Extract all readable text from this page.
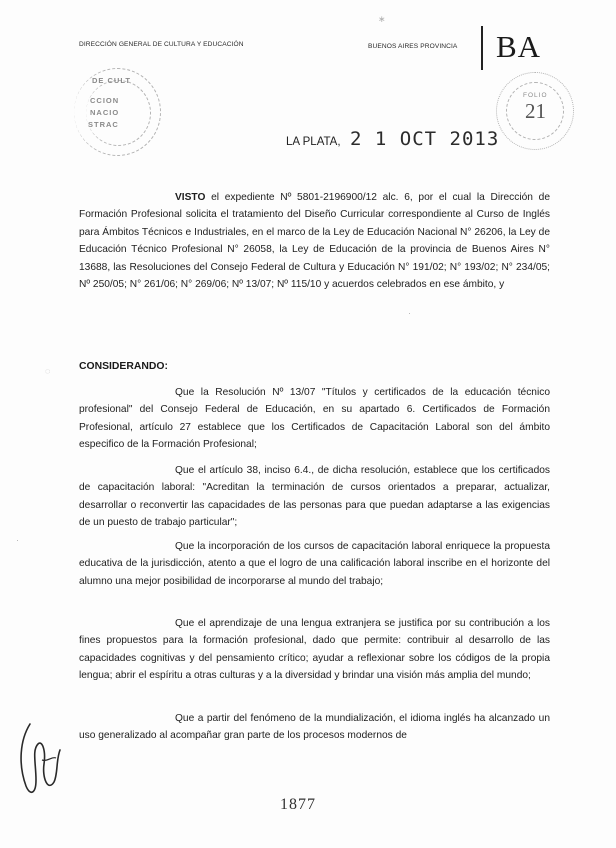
DIRECCIÓN GENERAL DE CULTURA Y EDUCACIÓN	BUENOS AIRES PROVINCIA BA
DE CULT
CCION
NACIO
STRAC
FOLIO
21
LA PLATA, 2 1 OCT 2013
VISTO el expediente Nº 5801-2196900/12 alc. 6, por el cual la Dirección de Formación Profesional solicita el tratamiento del Diseño Curricular correspondiente al Curso de Inglés para Ámbitos Técnicos e Industriales, en el marco de la Ley de Educación Nacional N° 26206, la Ley de Educación Técnico Profesional N° 26058, la Ley de Educación de la provincia de Buenos Aires N° 13688, las Resoluciones del Consejo Federal de Cultura y Educación N° 191/02; N° 193/02; N° 234/05; Nº 250/05; N° 261/06; N° 269/06; Nº 13/07; Nº 115/10 y acuerdos celebrados en ese ámbito, y
CONSIDERANDO:
Que la Resolución Nº 13/07 "Títulos y certificados de la educación técnico profesional" del Consejo Federal de Educación, en su apartado 6. Certificados de Formación Profesional, artículo 27 establece que los Certificados de Capacitación Laboral son del ámbito especifico de la Formación Profesional;
Que el artículo 38, inciso 6.4., de dicha resolución, establece que los certificados de capacitación laboral: "Acreditan la terminación de cursos orientados a preparar, actualizar, desarrollar o reconvertir las capacidades de las personas para que puedan adaptarse a las exigencias de un puesto de trabajo particular";
Que la incorporación de los cursos de capacitación laboral enriquece la propuesta educativa de la jurisdicción, atento a que el logro de una calificación laboral inscribe en el horizonte del alumno una mejor posibilidad de incorporarse al mundo del trabajo;
Que el aprendizaje de una lengua extranjera se justifica por su contribución a los fines propuestos para la formación profesional, dado que permite: contribuir al desarrollo de las capacidades cognitivas y del pensamiento crítico; ayudar a reflexionar sobre los códigos de la propia lengua; abrir el espíritu a otras culturas y a la diversidad y brindar una visión más amplia del mundo;
Que a partir del fenómeno de la mundialización, el idioma inglés ha alcanzado un uso generalizado al acompañar gran parte de los procesos modernos de
∗
◌
·
·
1877
